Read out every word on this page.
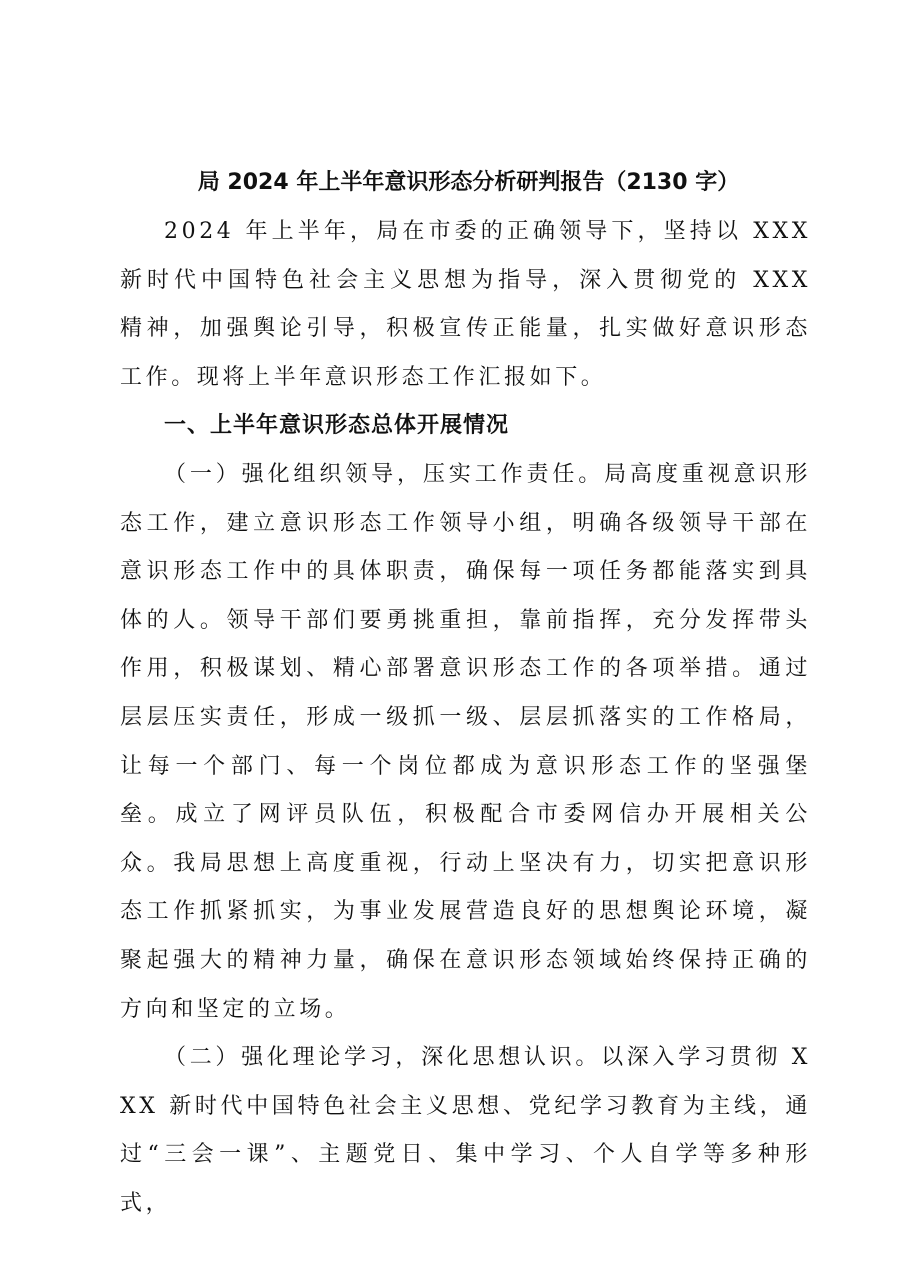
局 2024 年上半年意识形态分析研判报告（2130 字）

2024 年上半年，局在市委的正确领导下，坚持以 XXX 新时代中国特色社会主义思想为指导，深入贯彻党的 XXX 精神，加强舆论引导，积极宣传正能量，扎实做好意识形态工作。现将上半年意识形态工作汇报如下。

一、上半年意识形态总体开展情况

（一）强化组织领导，压实工作责任。局高度重视意识形态工作，建立意识形态工作领导小组，明确各级领导干部在意识形态工作中的具体职责，确保每一项任务都能落实到具体的人。领导干部们要勇挑重担，靠前指挥，充分发挥带头作用，积极谋划、精心部署意识形态工作的各项举措。通过层层压实责任，形成一级抓一级、层层抓落实的工作格局，让每一个部门、每一个岗位都成为意识形态工作的坚强堡垒。成立了网评员队伍，积极配合市委网信办开展相关公众。我局思想上高度重视，行动上坚决有力，切实把意识形态工作抓紧抓实，为事业发展营造良好的思想舆论环境，凝聚起强大的精神力量，确保在意识形态领域始终保持正确的方向和坚定的立场。

（二）强化理论学习，深化思想认识。以深入学习贯彻 XXX 新时代中国特色社会主义思想、党纪学习教育为主线，通过“三会一课”、主题党日、集中学习、个人自学等多种形式，
